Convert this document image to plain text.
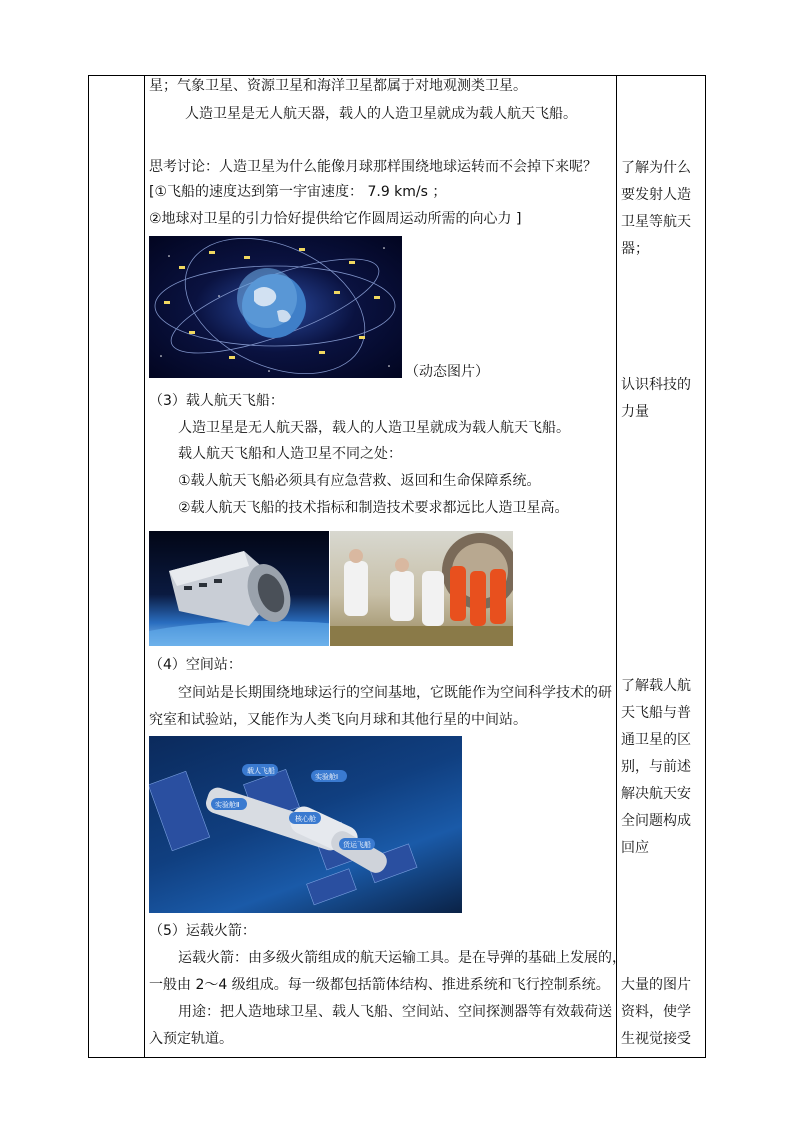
星；气象卫星、资源卫星和海洋卫星都属于对地观测类卫星。
人造卫星是无人航天器，载人的人造卫星就成为载人航天飞船。
思考讨论：人造卫星为什么能像月球那样围绕地球运转而不会掉下来呢？
[①飞船的速度达到第一宇宙速度： 7.9 km/s ；
②地球对卫星的引力恰好提供给它作圆周运动所需的向心力 ]
（动态图片）
（3）载人航天飞船：
人造卫星是无人航天器，载人的人造卫星就成为载人航天飞船。
载人航天飞船和人造卫星不同之处：
①载人航天飞船必须具有应急营救、返回和生命保障系统。
②载人航天飞船的技术指标和制造技术要求都远比人造卫星高。
（4）空间站：
空间站是长期围绕地球运行的空间基地，它既能作为空间科学技术的研
究室和试验站，又能作为人类飞向月球和其他行星的中间站。
载人飞船
实验舱Ⅰ
实验舱Ⅱ
核心舱
货运飞船
（5）运载火箭：
运载火箭：由多级火箭组成的航天运输工具。是在导弹的基础上发展的，
一般由 2～4 级组成。每一级都包括箭体结构、推进系统和飞行控制系统。
用途：把人造地球卫星、载人飞船、空间站、空间探测器等有效载荷送
入预定轨道。
了解为什么要发射人造卫星等航天器；
认识科技的力量
了解载人航天飞船与普通卫星的区别，与前述解决航天安全问题构成回应
大量的图片资料，使学生视觉接受
